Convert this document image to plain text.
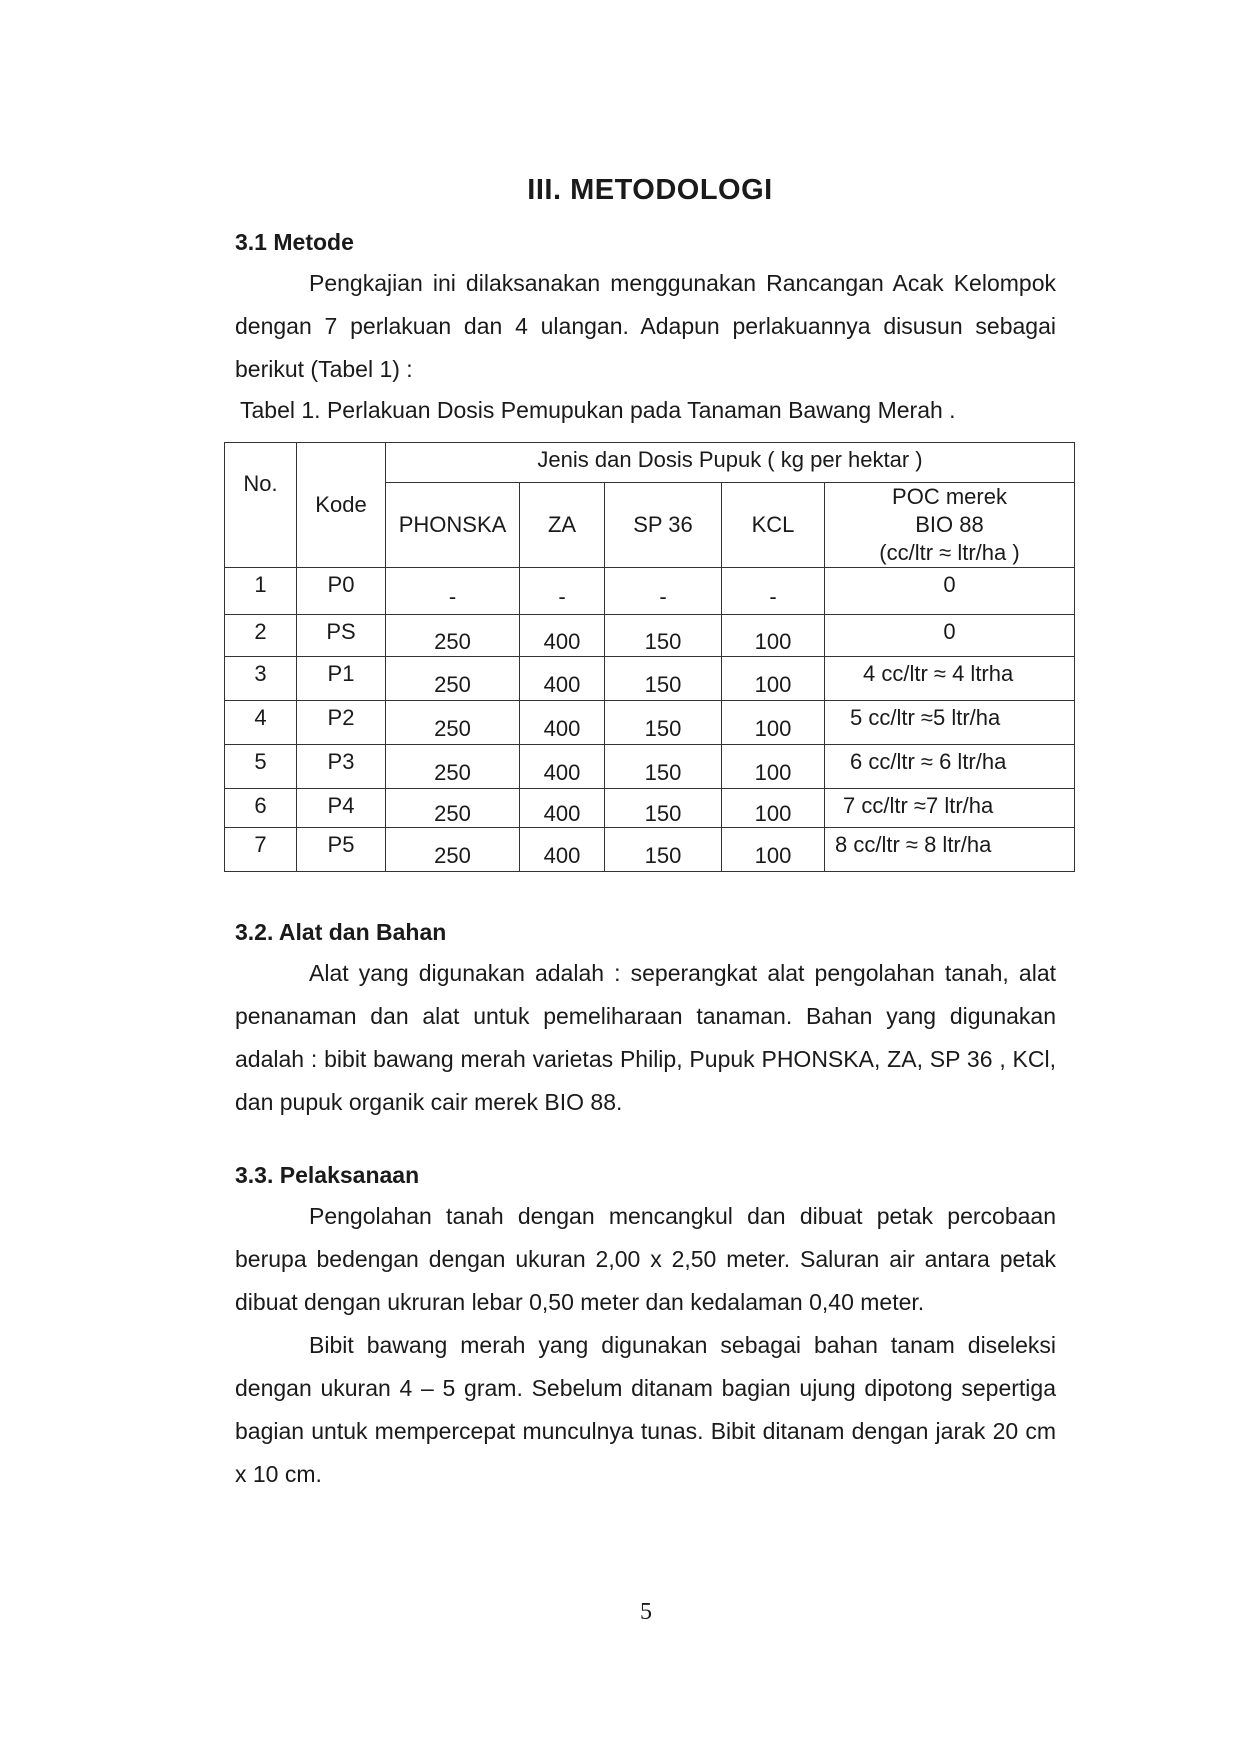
III. METODOLOGI
3.1 Metode

Pengkajian ini dilaksanakan menggunakan Rancangan Acak Kelompok dengan 7 perlakuan dan 4 ulangan. Adapun perlakuannya disusun sebagai berikut (Tabel 1) :

Tabel 1. Perlakuan Dosis Pemupukan pada Tanaman Bawang Merah .
No.	Kode	Jenis dan Dosis Pupuk ( kg per hektar )				
		PHONSKA	ZA	SP 36	KCL	POC merek
BIO 88
(cc/ltr ≈ ltr/ha )

1	P0	-	-	-	-	0
2	PS	250	400	150	100	0
3	P1	250	400	150	100	4 cc/ltr ≈ 4 ltrha
4	P2	250	400	150	100	5 cc/ltr ≈5 ltr/ha
5	P3	250	400	150	100	6 cc/ltr ≈ 6 ltr/ha
6	P4	250	400	150	100	7 cc/ltr ≈7 ltr/ha
7	P5	250	400	150	100	8 cc/ltr ≈ 8 ltr/ha
3.2. Alat dan Bahan

Alat yang digunakan adalah : seperangkat alat pengolahan tanah, alat penanaman dan alat untuk pemeliharaan tanaman. Bahan yang digunakan adalah : bibit bawang merah varietas Philip, Pupuk PHONSKA, ZA, SP 36 , KCl, dan pupuk organik cair merek BIO 88.

3.3. Pelaksanaan

Pengolahan tanah dengan mencangkul dan dibuat petak percobaan berupa bedengan dengan ukuran 2,00 x 2,50 meter. Saluran air antara petak dibuat dengan ukruran lebar 0,50 meter dan kedalaman 0,40 meter.

Bibit bawang merah yang digunakan sebagai bahan tanam diseleksi dengan ukuran 4 – 5 gram. Sebelum ditanam bagian ujung dipotong sepertiga bagian untuk mempercepat munculnya tunas. Bibit ditanam dengan jarak 20 cm x 10 cm.

5
